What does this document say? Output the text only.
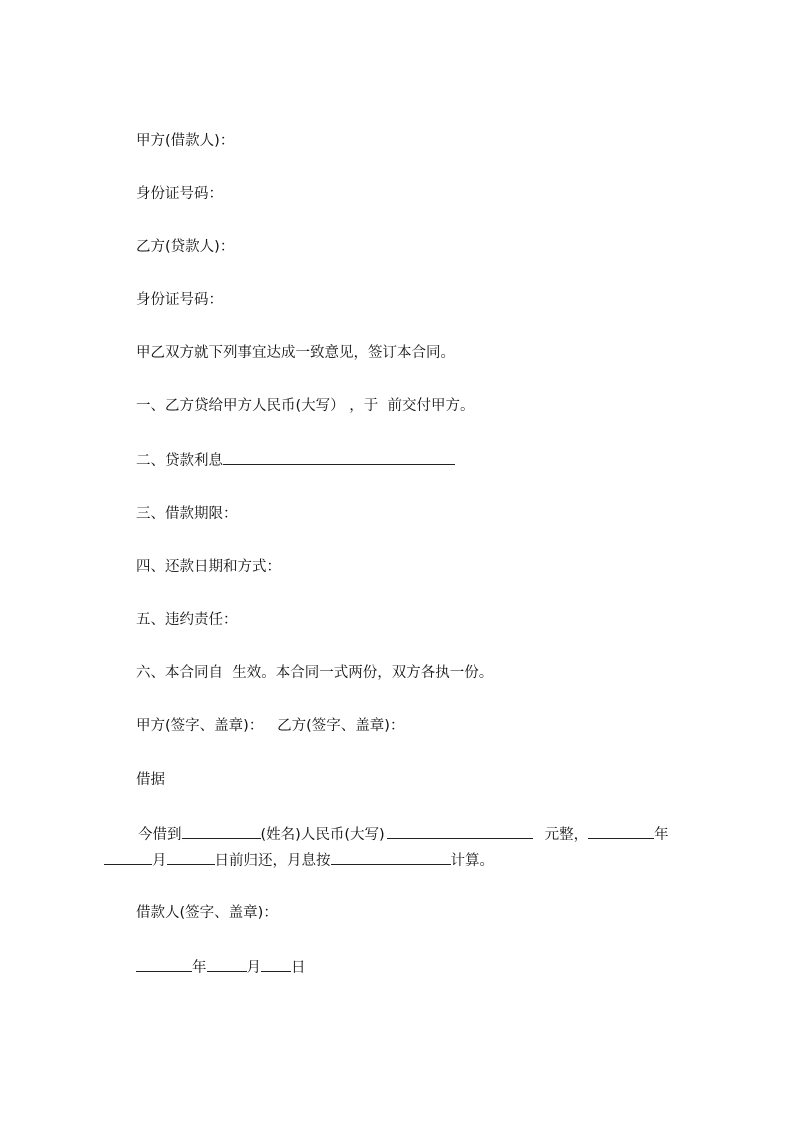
甲方(借款人)：
身份证号码：
乙方(贷款人)：
身份证号码：
甲乙双方就下列事宜达成一致意见，签订本合同。
一、乙方贷给甲方人民币(大写） ，于  前交付甲方。
二、贷款利息
三、借款期限：
四、还款日期和方式：
五、违约责任：
六、本合同自  生效。本合同一式两份，双方各执一份。
甲方(签字、盖章)：   乙方(签字、盖章)：
借据
今借到	(姓名)人民币(大写)	元整，	年
月	日前归还，月息按	计算。
借款人(签字、盖章)：
年	月 日
